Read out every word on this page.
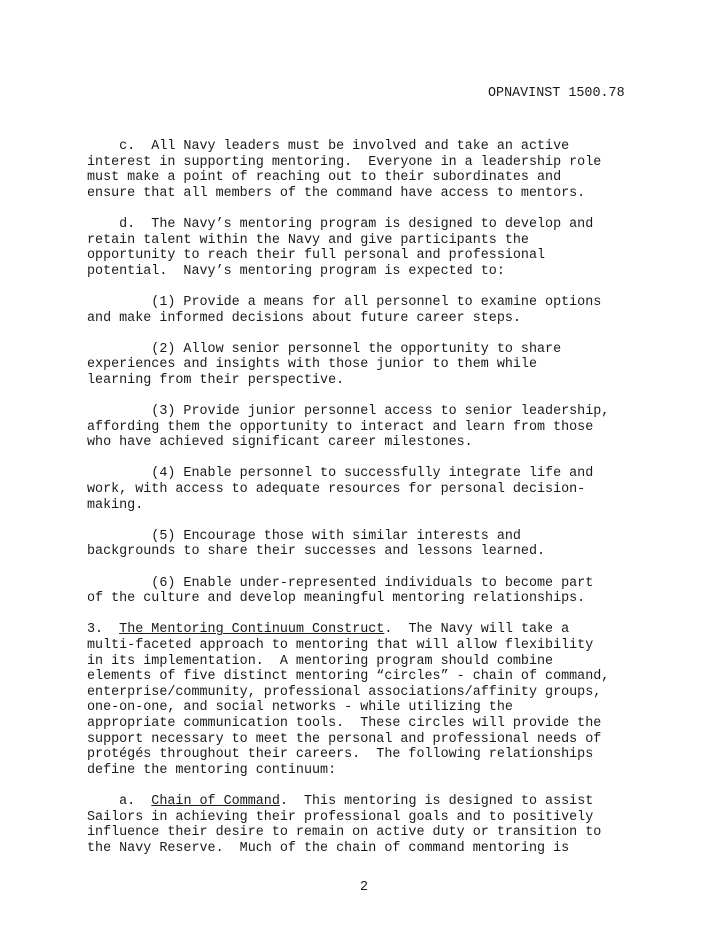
OPNAVINST 1500.78

c.  All Navy leaders must be involved and take an active
interest in supporting mentoring.  Everyone in a leadership role
must make a point of reaching out to their subordinates and
ensure that all members of the command have access to mentors.

d.  The Navy’s mentoring program is designed to develop and
retain talent within the Navy and give participants the
opportunity to reach their full personal and professional
potential.  Navy’s mentoring program is expected to:

(1) Provide a means for all personnel to examine options
and make informed decisions about future career steps.

(2) Allow senior personnel the opportunity to share
experiences and insights with those junior to them while
learning from their perspective.

(3) Provide junior personnel access to senior leadership,
affording them the opportunity to interact and learn from those
who have achieved significant career milestones.

(4) Enable personnel to successfully integrate life and
work, with access to adequate resources for personal decision-
making.

(5) Encourage those with similar interests and
backgrounds to share their successes and lessons learned.

(6) Enable under-represented individuals to become part
of the culture and develop meaningful mentoring relationships.

3.  The Mentoring Continuum Construct.  The Navy will take a
multi-faceted approach to mentoring that will allow flexibility
in its implementation.  A mentoring program should combine
elements of five distinct mentoring “circles” - chain of command,
enterprise/community, professional associations/affinity groups,
one-on-one, and social networks - while utilizing the
appropriate communication tools.  These circles will provide the
support necessary to meet the personal and professional needs of
protégés throughout their careers.  The following relationships
define the mentoring continuum:

a.  Chain of Command.  This mentoring is designed to assist
Sailors in achieving their professional goals and to positively
influence their desire to remain on active duty or transition to
the Navy Reserve.  Much of the chain of command mentoring is

2
